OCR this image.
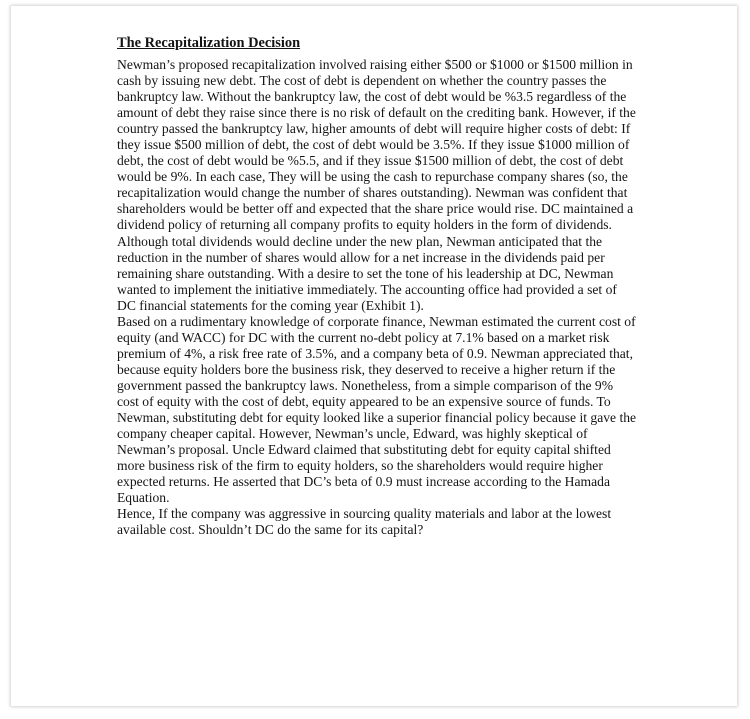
The Recapitalization Decision

Newman’s proposed recapitalization involved raising either $500 or $1000 or $1500 million in cash by issuing new debt. The cost of debt is dependent on whether the country passes the bankruptcy law. Without the bankruptcy law, the cost of debt would be %3.5 regardless of the amount of debt they raise since there is no risk of default on the crediting bank. However, if the country passed the bankruptcy law, higher amounts of debt will require higher costs of debt: If they issue $500 million of debt, the cost of debt would be 3.5%. If they issue $1000 million of debt, the cost of debt would be %5.5, and if they issue $1500 million of debt, the cost of debt would be 9%. In each case, They will be using the cash to repurchase company shares (so, the recapitalization would change the number of shares outstanding). Newman was confident that shareholders would be better off and expected that the share price would rise. DC maintained a dividend policy of returning all company profits to equity holders in the form of dividends. Although total dividends would decline under the new plan, Newman anticipated that the reduction in the number of shares would allow for a net increase in the dividends paid per remaining share outstanding. With a desire to set the tone of his leadership at DC, Newman wanted to implement the initiative immediately. The accounting office had provided a set of DC financial statements for the coming year (Exhibit 1).

Based on a rudimentary knowledge of corporate finance, Newman estimated the current cost of equity (and WACC) for DC with the current no-debt policy at 7.1% based on a market risk premium of 4%, a risk free rate of 3.5%, and a company beta of 0.9. Newman appreciated that, because equity holders bore the business risk, they deserved to receive a higher return if the government passed the bankruptcy laws. Nonetheless, from a simple comparison of the 9% cost of equity with the cost of debt, equity appeared to be an expensive source of funds. To Newman, substituting debt for equity looked like a superior financial policy because it gave the company cheaper capital. However, Newman’s uncle, Edward, was highly skeptical of Newman’s proposal. Uncle Edward claimed that substituting debt for equity capital shifted more business risk of the firm to equity holders, so the shareholders would require higher expected returns. He asserted that DC’s beta of 0.9 must increase according to the Hamada Equation.

Hence, If the company was aggressive in sourcing quality materials and labor at the lowest available cost. Shouldn’t DC do the same for its capital?
